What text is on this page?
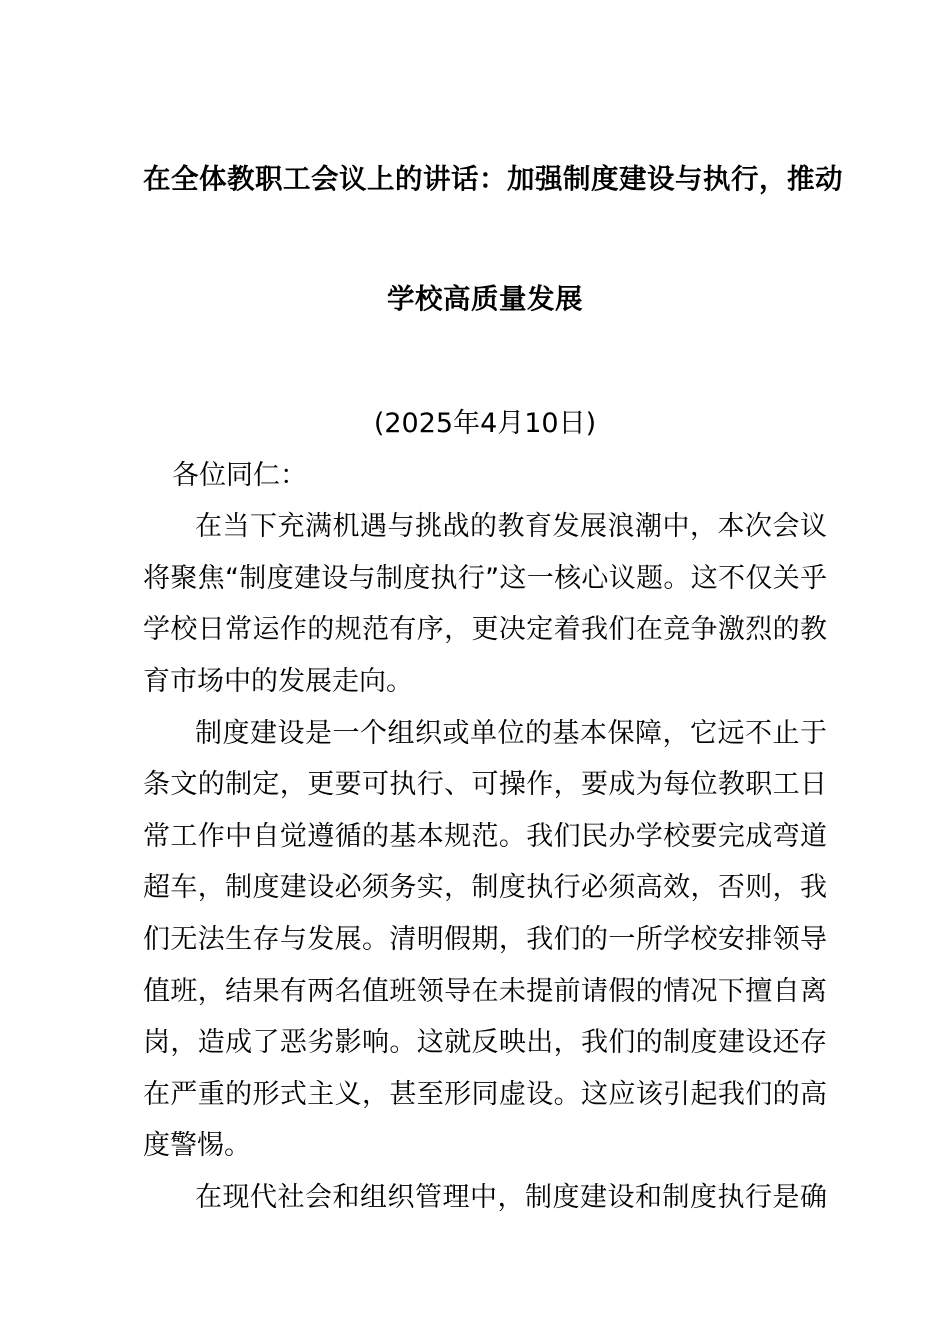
在全体教职工会议上的讲话：加强制度建设与执行，推动
学校高质量发展
(2025年4月10日)

各位同仁：

在当下充满机遇与挑战的教育发展浪潮中，本次会议将聚焦“制度建设与制度执行”这一核心议题。这不仅关乎学校日常运作的规范有序，更决定着我们在竞争激烈的教育市场中的发展走向。

制度建设是一个组织或单位的基本保障，它远不止于条文的制定，更要可执行、可操作，要成为每位教职工日常工作中自觉遵循的基本规范。我们民办学校要完成弯道超车，制度建设必须务实，制度执行必须高效，否则，我们无法生存与发展。清明假期，我们的一所学校安排领导值班，结果有两名值班领导在未提前请假的情况下擅自离岗，造成了恶劣影响。这就反映出，我们的制度建设还存在严重的形式主义，甚至形同虚设。这应该引起我们的高度警惕。

在现代社会和组织管理中，制度建设和制度执行是确
